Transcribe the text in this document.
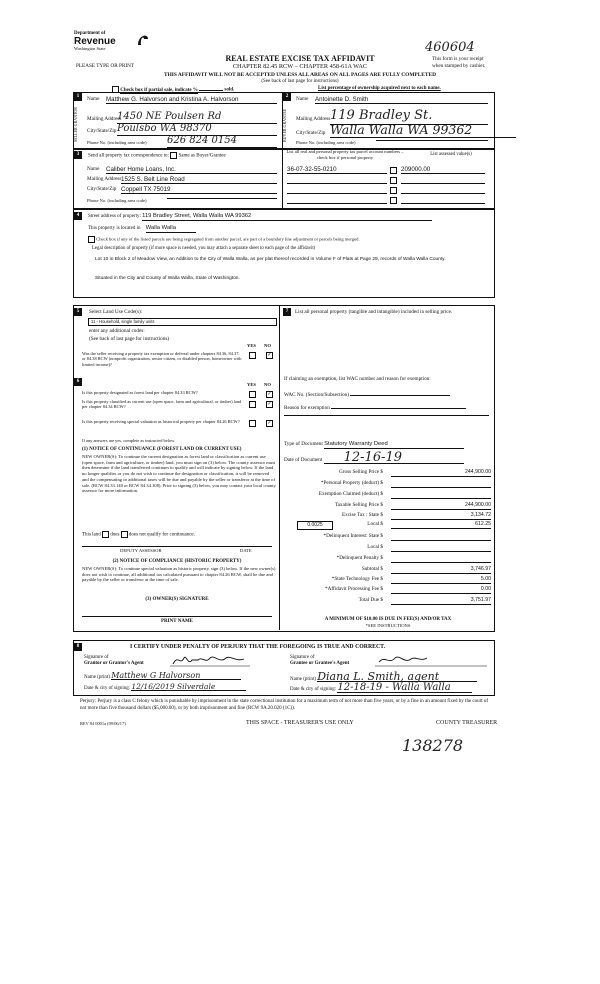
460604
Department of
Revenue
Washington State
REAL ESTATE EXCISE TAX AFFIDAVIT
CHAPTER 82.45 RCW – CHAPTER 458-61A WAC
This form is your receipt
when stamped by cashier.
PLEASE TYPE OR PRINT
THIS AFFIDAVIT WILL NOT BE ACCEPTED UNLESS ALL AREAS ON ALL PAGES ARE FULLY COMPLETED
(See back of last page for instructions)
Check box if partial sale, indicate %	sold.	List percentage of ownership acquired next to each name.
1	2
SELLER GRANTOR	BUYER GRANTEE
Name Matthew G. Halvorson and Kristina A. Halvorson
Mailing Address
1450 NE Poulsen Rd
City/State/Zip Poulsbo WA 98370
Phone No. (including area code) 626 824 0154
Name Antoinette D. Smith
Mailing Address 119 Bradley St.
City/State/Zip Walla Walla WA 99362
Phone No. (including area code)
3	Send all property tax correspondence to: Same as Buyer/Grantee
Name Caliber Home Loans, Inc.
Mailing Address 1525 S. Belt Line Road
City/State/Zip Coppell TX 75019
Phone No. (including area code)
List all real and personal property tax parcel account numbers – check box if personal property	List assessed value(s)
36-07-32-55-0210	209000.00
4	Street address of property: 119 Bradley Street, Walla Walla WA 99362
This property is located in Walla Walla
Check box if any of the listed parcels are being segregated from another parcel, are part of a boundary line adjustment or parcels being merged.
Legal description of property (if more space is needed, you may attach a separate sheet to each page of the affidavit)
Lot 10 in Block 2 of Meadow View, an Addition to the City of Walla Walla, as per plat thereof recorded in Volume F of Plats at Page 29, records of Walla Walla County.
Situated in the City and County of Walla Walla, State of Washington.
5	Select Land Use Code(s):
11 - Household, single family units
enter any additional codes:
(See back of last page for instructions)
YES NO
Was the seller receiving a property tax exemption or deferral under chapters 84.36, 84.37, or 84.38 RCW (nonprofit organization, senior citizen, or disabled person, homeowner with limited income)?
✓
7	List all personal property (tangible and intangible) included in selling price.
6
YES NO
Is this property designated as forest land per chapter 84.33 RCW?	✓
Is this property classified as current use (open space, farm and agricultural, or timber) land per chapter 84.34 RCW?	✓
Is this property receiving special valuation as historical property per chapter 84.26 RCW?	✓
If any answers are yes, complete as instructed below.
(1) NOTICE OF CONTINUANCE (FOREST LAND OR CURRENT USE)
NEW OWNER(S): To continue the current designation as forest land or classification as current use (open space, farm and agriculture, or timber) land, you must sign on (3) below. The county assessor must then determine if the land transferred continues to qualify and will indicate by signing below. If the land no longer qualifies or you do not wish to continue the designation or classification, it will be removed and the compensating or additional taxes will be due and payable by the seller or transferor at the time of sale. (RCW 84.33.140 or RCW 84.34.108). Prior to signing (3) below, you may contact your local county assessor for more information.
This land does does not qualify for continuance.
DEPUTY ASSESSOR	DATE
(2) NOTICE OF COMPLIANCE (HISTORIC PROPERTY)
NEW OWNER(S): To continue special valuation as historic property, sign (3) below. If the new owner(s) does not wish to continue, all additional tax calculated pursuant to chapter 84.26 RCW, shall be due and payable by the seller or transferor at the time of sale.
(3) OWNER(S) SIGNATURE
PRINT NAME
If claiming an exemption, list WAC number and reason for exemption:
WAC No. (Section/Subsection)
Reason for exemption
Type of Document Statutory Warranty Deed
Date of Document 12-16-19
Gross Selling Price $	244,900.00
*Personal Property (deduct) $
Exemption Claimed (deduct) $
Taxable Selling Price $	244,900.00
Excise Tax : State $	3,134.72
Local $	612.25
*Delinquent Interest: State $
Local $
*Delinquent Penalty $
Subtotal $	3,746.97
*State Technology Fee $	5.00
*Affidavit Processing Fee $	0.00
Total Due $	3,751.97
0.0025
A MINIMUM OF $10.00 IS DUE IN FEE(S) AND/OR TAX
*SEE INSTRUCTIONS
8	I CERTIFY UNDER PENALTY OF PERJURY THAT THE FOREGOING IS TRUE AND CORRECT.
Signature of
Grantor or Grantor's Agent
Name (print) Matthew G Halvorson
Date & city of signing: 12/16/2019 Silverdale
Signature of
Grantee or Grantee's Agent
Name (print) Diana L. Smith, agent
Date & city of signing: 12-18-19 - Walla Walla
Perjury: Perjury is a class C felony which is punishable by imprisonment in the state correctional institution for a maximum term of not more than five years, or by a fine in an amount fixed by the court of not more than five thousand dollars ($5,000.00), or by both imprisonment and fine (RCW 9A.20.020 (1C)).
REV 84 0001a (09/06/17)	THIS SPACE - TREASURER'S USE ONLY	COUNTY TREASURER
138278
